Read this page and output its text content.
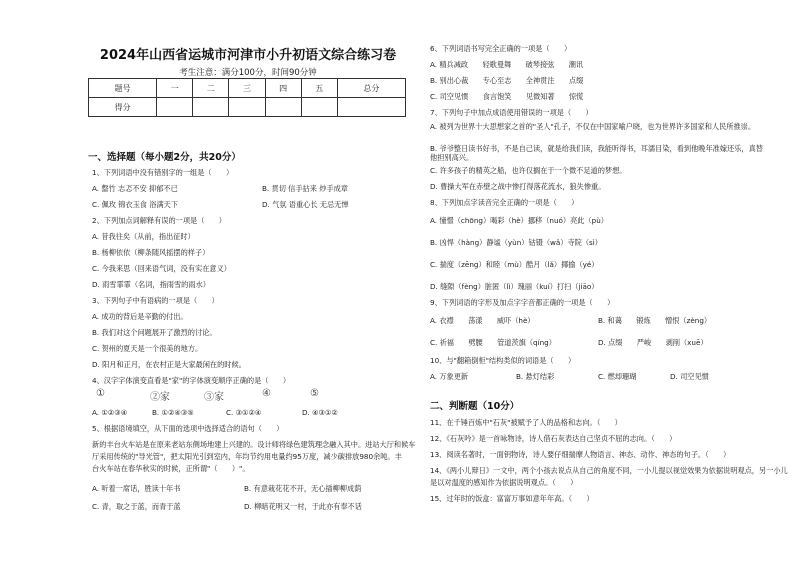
2024年山西省运城市河津市小升初语文综合练习卷
考生注意：满分100分，时间90分钟
题号	一	二	三	四	五	总分
得分						
一、选择题（每小题2分，共20分）
1、下列词语中没有错别字的一组是（　　）
A. 罄竹 志忑不安 抑郁不已	B. 贯切 信手拈来 炒手成章
C. 佩玫 锦衣玉食 浴满天下	D. 气氛 语重心长 无忌无惮
2、下列加点词解释有误的一项是（　　）
A. 昔我往矣（从前，指出征时）
B. 杨柳依依（柳条随风摇摆的样子）
C. 今我来思（回来语气词，没有实在意义）
D. 雨雪霏霏（名词，指雨雪的雨水）
3、下列句子中有语病的一项是（　　）
A. 成功的背后是辛勤的付出。
B. 我们对这个问题展开了激烈的讨论。
C. 贺州的夏天是一个很美的地方。
D. 阳月和正月，在农村正是大家最闲在的时候。
4、汉字字体演变直看是"家"的字体演变顺序正确的是（　　）
①	②家	③家	④	⑤
A. ①②③④	B. ①②④③⑤	C. ③①②④	D. ④③①②
5、根据语境填空，从下面的选项中选择适合的语句（　　）
新的丰台火车站是在原来老站东侧场地建上兴建的。设计师将绿色建筑理念融入其中。进站大厅和候车
厅采用传统的"导光管"，把太阳光引到室内，年均节约用电量约95万度，减少碳排放980余吨。丰
台火车站在春华秋实的时候，正所谓"（　　）"。
A. 听着一席话，胜读十年书	B. 有意栽花花不开，无心插柳柳成荫
C. 青，取之于蓝，而青于蓝	D. 柳暗花明又一村，于此亦有奉不话
6、下列词语书写完全正确的一项是（　　）
A. 精兵减政　　轻歌曼舞　　破琴接弦　　潮讯
B. 别出心裁　　专心至志　　全神贯注　　点缀
C. 司空见惯　　食言饱笑　　见微知著　　惊慌
7、下列句子中加点成语使用错误的一项是（　　）
A. 被列为世界十大思想家之首的"圣人"孔子，不仅在中国家喻户晓，也为世界许多国家和人民所推崇。
B. 爷爷整日读书好书，不是自己读，就是给我们读，我能听得书，耳濡目染，看到他晚年准嫁还乐，真替他担别高兴。
C. 许多孩子的精英之船，也许仅搁在于一个微不足道的梦想。
D. 曹操大军在赤壁之战中惨打得落花流水，狼失惨重。
8、下列加点字读音完全正确的一项是（　　）
A. 憧憬（chōng）喝彩（hè）挪移（nuó）亮此（pù）
B. 凶悍（hàng）静谧（yùn）钴镊（wǎ）寺院（sì）
C. 揣度（zēng）和睦（mù）酷月（lǎ）揶揄（yé）
D. 缝隙（fèng）脏匿（lì）瑰丽（kuí）打扫（jiāo）
9、下列词语的字形及加点字字音都正确的一项是（　　）
A. 衣襟　　荡漾　　威吓（hè）	B. 和蔼　　锻炼　　憎恨（zèng）
C. 祈福　　劈腰　　管道茨旗（qíng）	D. 点缀　　严峻　　剥削（xuē）
10、与"翻箱倒柜"结构类似的词语是（　　）
A. 万象更新	B. 悬灯结彩	C. 燃却珊瑚	D. 司空见惯
二、判断题（10分）
11、在千锤百炼中"石灰"被赋予了人的品格和志向。（　　）
12、《石灰吟》是一首咏物诗，诗人借石灰表达自己坚贞不屈的志向。（　　）
13、阅读名著时，一面钥物诗，诗人要仔细揣摩人物语言、神态、动作、神态的句子。（　　）
14、《两小儿辩日》一文中，两个小孩去说点从自己的角度不同，一小儿提以视觉效果为依据说明观点，另一小儿
是以对温度的感知作为依据说明观点。（　　）
15、过年时的饭盒：富富万事如意年年高。（　　）
